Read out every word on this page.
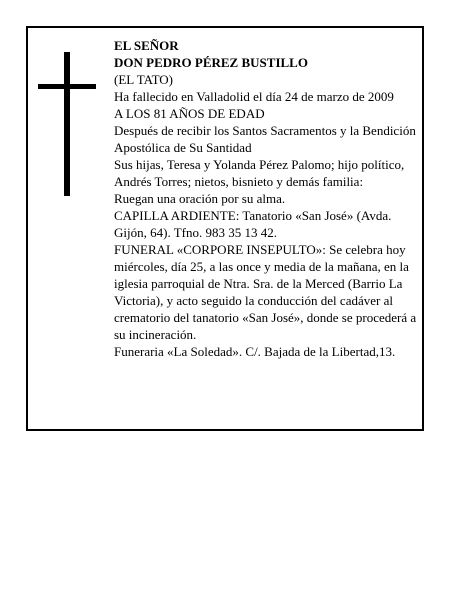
EL SEÑOR

DON PEDRO PÉREZ BUSTILLO

(EL TATO)

Ha fallecido en Valladolid el día 24 de marzo de 2009

A LOS 81 AÑOS DE EDAD

Después de recibir los Santos Sacramentos y la Bendición Apostólica de Su Santidad

Sus hijas, Teresa y Yolanda Pérez Palomo; hijo político, Andrés Torres; nietos, bisnieto y demás familia:

Ruegan una oración por su alma.

CAPILLA ARDIENTE: Tanatorio «San José» (Avda. Gijón, 64). Tfno. 983 35 13 42.

FUNERAL «CORPORE INSEPULTO»: Se celebra hoy miércoles, día 25, a las once y media de la mañana, en la iglesia parroquial de Ntra. Sra. de la Merced (Barrio La Victoria), y acto seguido la conducción del cadáver al crematorio del tanatorio «San José», donde se procederá a su incineración.

Funeraria «La Soledad». C/. Bajada de la Libertad,13.
